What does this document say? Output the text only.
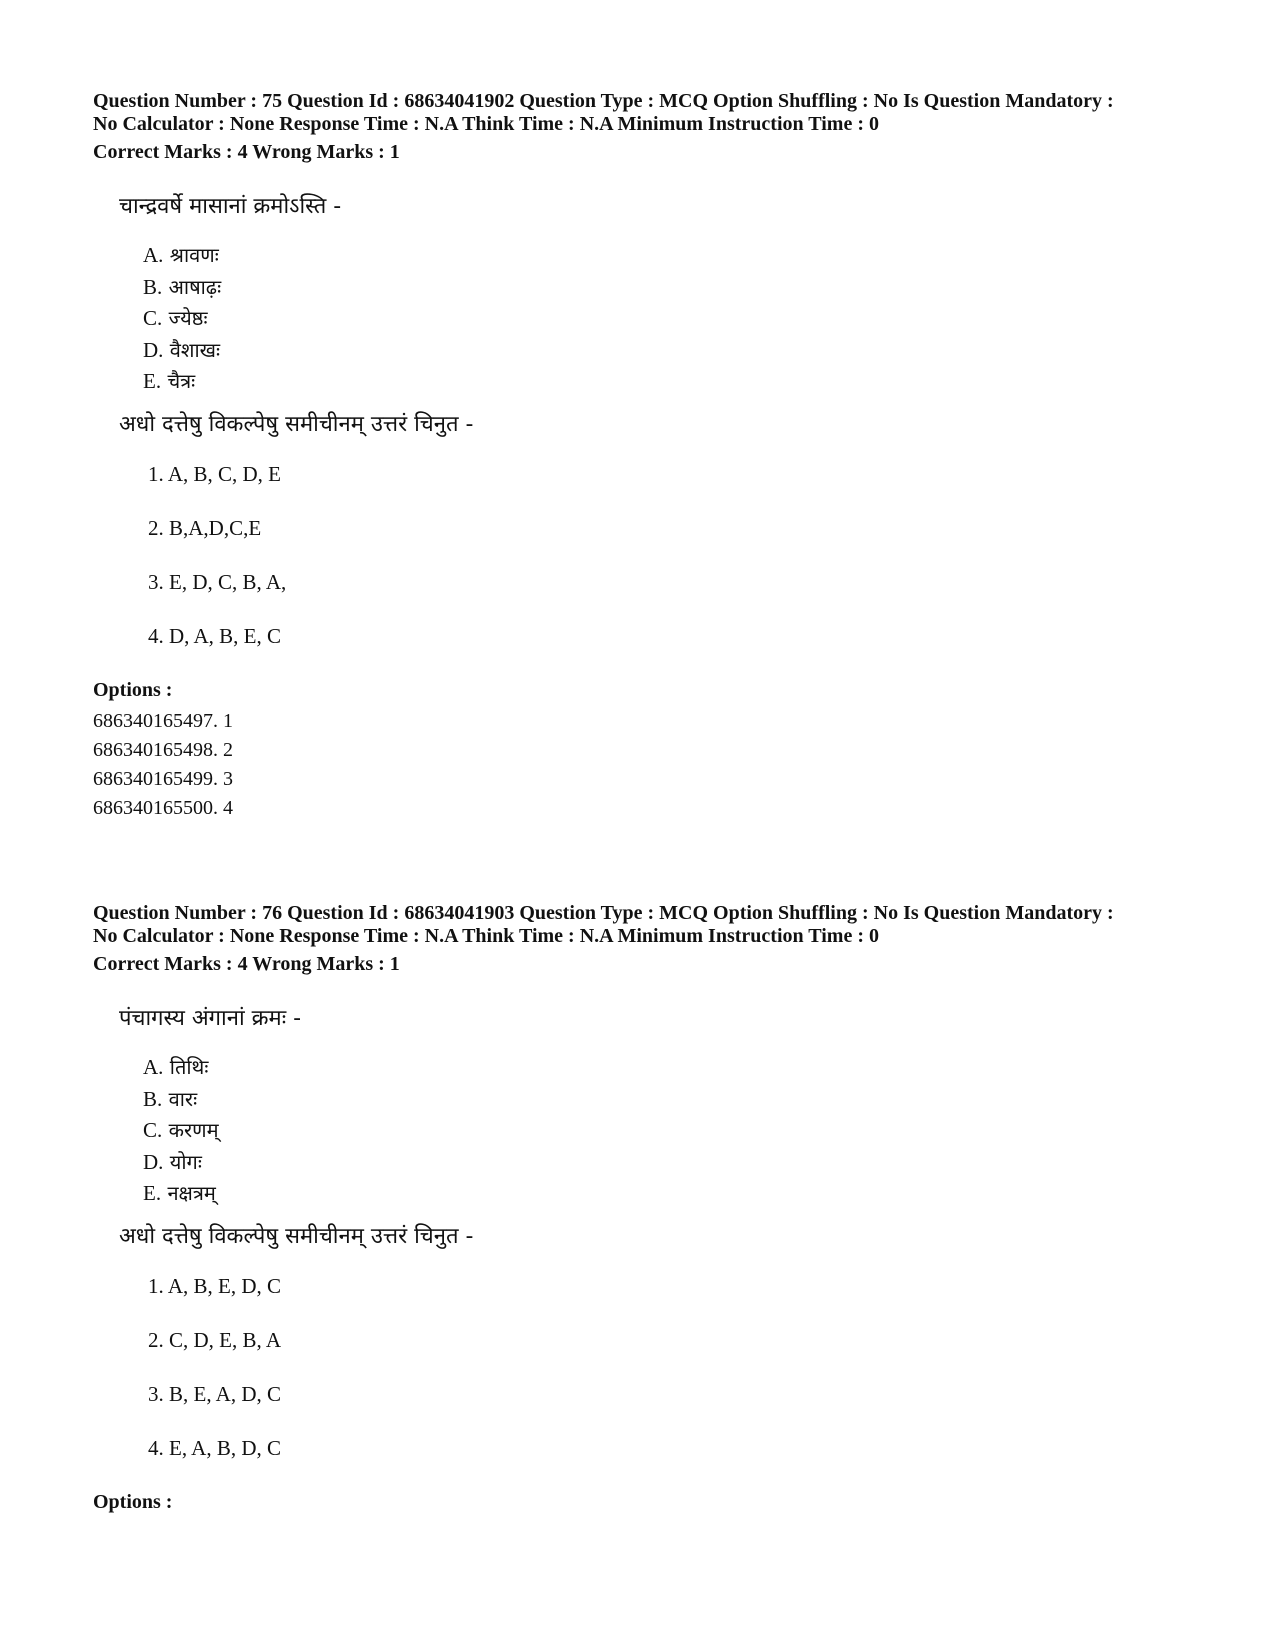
Question Number : 75 Question Id : 68634041902 Question Type : MCQ Option Shuffling : No Is Question Mandatory :

No Calculator : None Response Time : N.A Think Time : N.A Minimum Instruction Time : 0

Correct Marks : 4 Wrong Marks : 1
चान्द्रवर्षे मासानां क्रमोऽस्ति -
A. श्रावणः
B. आषाढ़ः
C. ज्येष्ठः
D. वैशाखः
E. चैत्रः
अधो दत्तेषु विकल्पेषु समीचीनम् उत्तरं चिनुत -
1. A, B, C, D, E
2. B,A,D,C,E
3. E, D, C, B, A,
4. D, A, B, E, C
Options :
686340165497. 1
686340165498. 2
686340165499. 3
686340165500. 4

Question Number : 76 Question Id : 68634041903 Question Type : MCQ Option Shuffling : No Is Question Mandatory :

No Calculator : None Response Time : N.A Think Time : N.A Minimum Instruction Time : 0

Correct Marks : 4 Wrong Marks : 1
पंचागस्य अंगानां क्रमः -
A. तिथिः
B. वारः
C. करणम्
D. योगः
E. नक्षत्रम्
अधो दत्तेषु विकल्पेषु समीचीनम् उत्तरं चिनुत -
1. A, B, E, D, C
2. C, D, E, B, A
3. B, E, A, D, C
4. E, A, B, D, C
Options :
